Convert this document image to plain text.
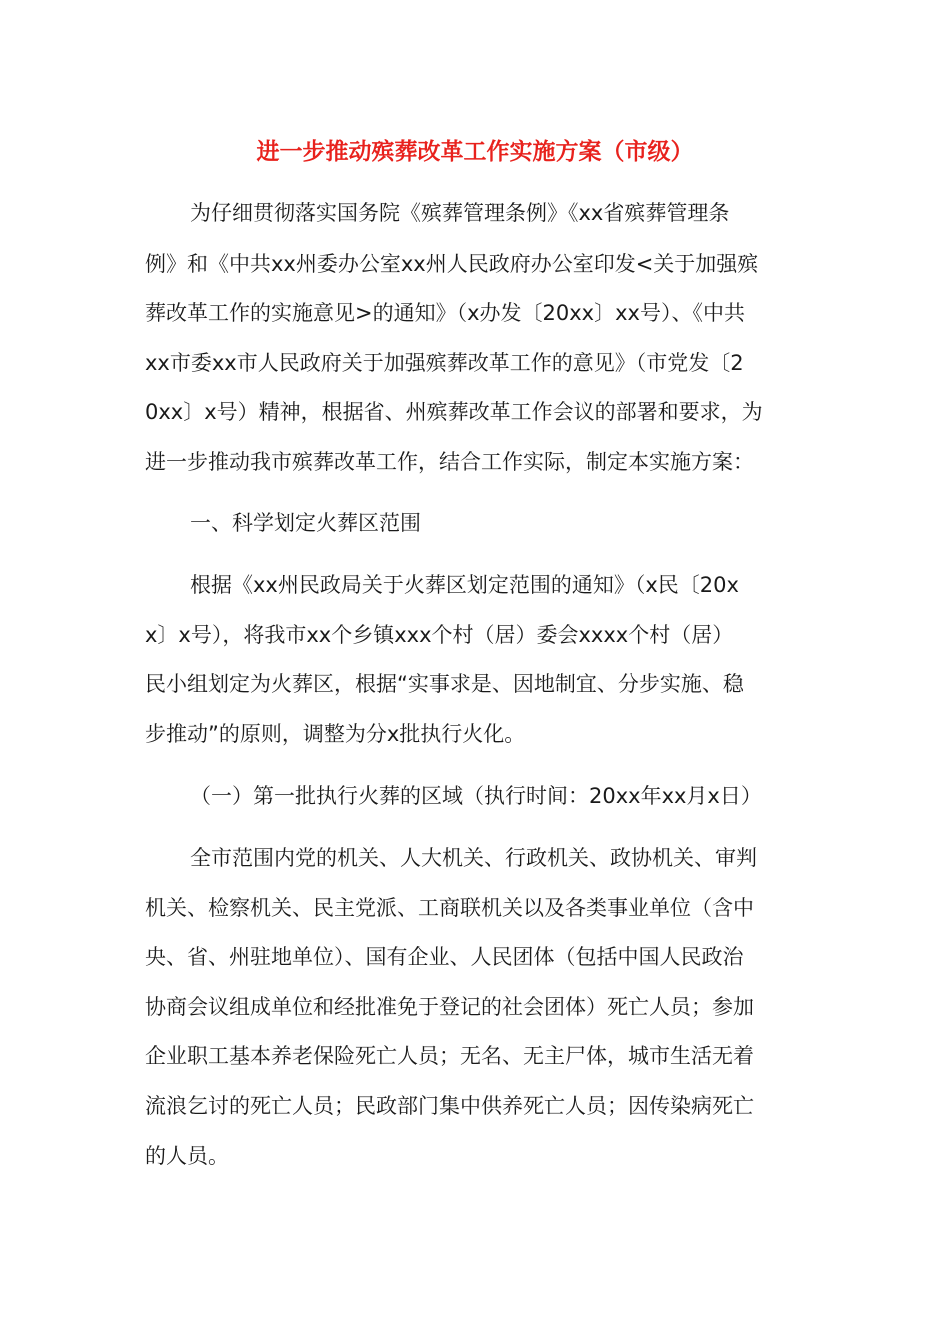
进一步推动殡葬改革工作实施方案（市级）
为仔细贯彻落实国务院《殡葬管理条例》《xx省殡葬管理条
例》和《中共xx州委办公室xx州人民政府办公室印发<关于加强殡
葬改革工作的实施意见>的通知》（x办发〔20xx〕xx号）、《中共
xx市委xx市人民政府关于加强殡葬改革工作的意见》（市党发〔2
0xx〕x号）精神，根据省、州殡葬改革工作会议的部署和要求，为
进一步推动我市殡葬改革工作，结合工作实际，制定本实施方案：
一、科学划定火葬区范围
根据《xx州民政局关于火葬区划定范围的通知》（x民〔20x
x〕x号），将我市xx个乡镇xxx个村（居）委会xxxx个村（居）
民小组划定为火葬区，根据“实事求是、因地制宜、分步实施、稳
步推动”的原则，调整为分x批执行火化。
（一）第一批执行火葬的区域（执行时间：20xx年xx月x日）
全市范围内党的机关、人大机关、行政机关、政协机关、审判
机关、检察机关、民主党派、工商联机关以及各类事业单位（含中
央、省、州驻地单位）、国有企业、人民团体（包括中国人民政治
协商会议组成单位和经批准免于登记的社会团体）死亡人员；参加
企业职工基本养老保险死亡人员；无名、无主尸体，城市生活无着
流浪乞讨的死亡人员；民政部门集中供养死亡人员；因传染病死亡
的人员。
